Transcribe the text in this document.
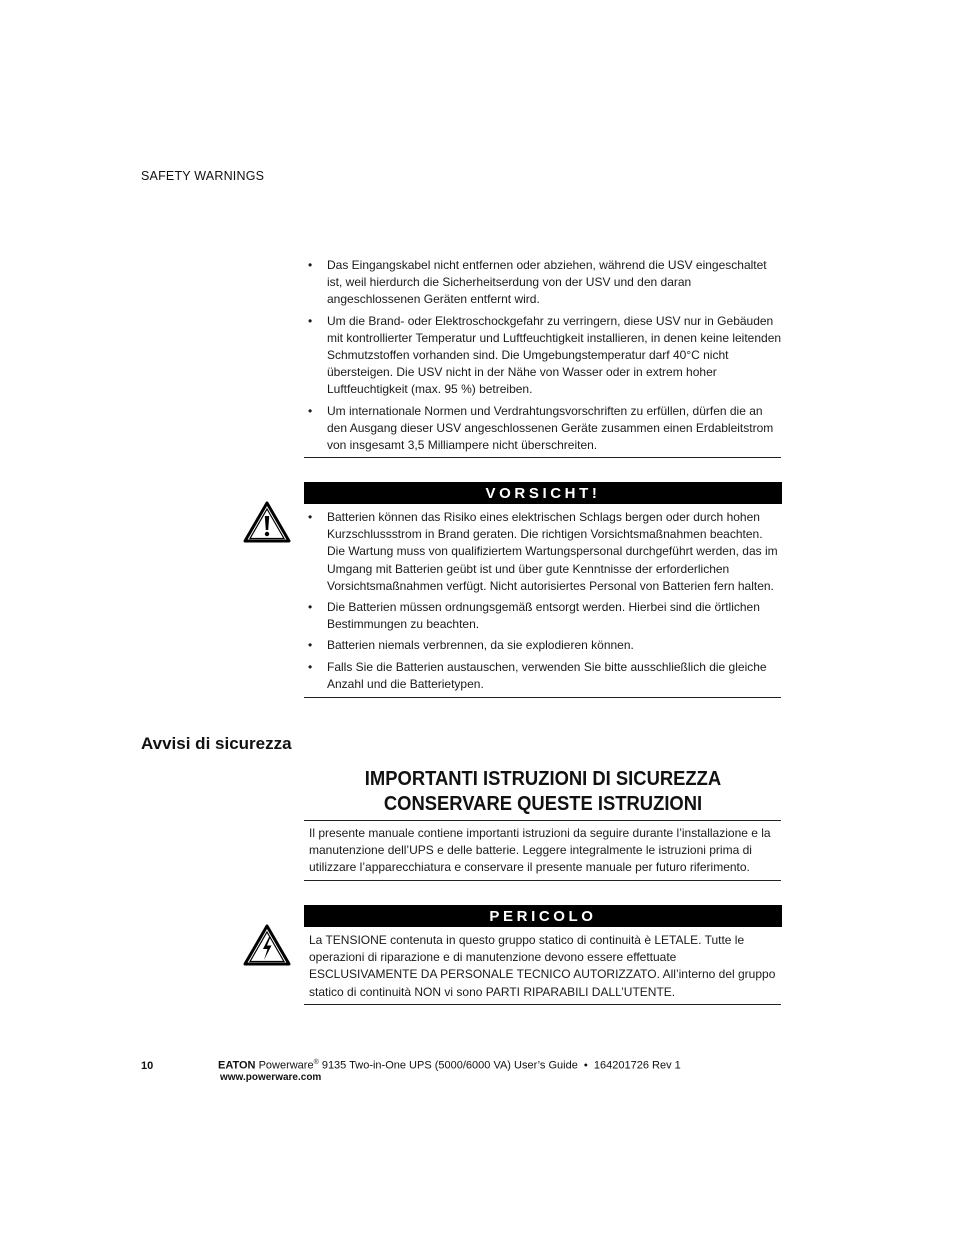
SAFETY WARNINGS
• Das Eingangskabel nicht entfernen oder abziehen, während die USV eingeschaltet ist, weil hierdurch die Sicherheitserdung von der USV und den daran angeschlossenen Geräten entfernt wird.
• Um die Brand- oder Elektroschockgefahr zu verringern, diese USV nur in Gebäuden mit kontrollierter Temperatur und Luftfeuchtigkeit installieren, in denen keine leitenden Schmutzstoffen vorhanden sind. Die Umgebungstemperatur darf 40°C nicht übersteigen. Die USV nicht in der Nähe von Wasser oder in extrem hoher Luftfeuchtigkeit (max. 95 %) betreiben.
• Um internationale Normen und Verdrahtungsvorschriften zu erfüllen, dürfen die an den Ausgang dieser USV angeschlossenen Geräte zusammen einen Erdableitstrom von insgesamt 3,5 Milliampere nicht überschreiten.
VORSICHT!
• Batterien können das Risiko eines elektrischen Schlags bergen oder durch hohen Kurzschlussstrom in Brand geraten. Die richtigen Vorsichtsmaßnahmen beachten. Die Wartung muss von qualifiziertem Wartungspersonal durchgeführt werden, das im Umgang mit Batterien geübt ist und über gute Kenntnisse der erforderlichen Vorsichtsmaßnahmen verfügt. Nicht autorisiertes Personal von Batterien fern halten.
• Die Batterien müssen ordnungsgemäß entsorgt werden. Hierbei sind die örtlichen Bestimmungen zu beachten.
• Batterien niemals verbrennen, da sie explodieren können.
• Falls Sie die Batterien austauschen, verwenden Sie bitte ausschließlich die gleiche Anzahl und die Batterietypen.
Avvisi di sicurezza
IMPORTANTI ISTRUZIONI DI SICUREZZA
CONSERVARE QUESTE ISTRUZIONI
Il presente manuale contiene importanti istruzioni da seguire durante l’installazione e la manutenzione dell’UPS e delle batterie. Leggere integralmente le istruzioni prima di utilizzare l’apparecchiatura e conservare il presente manuale per futuro riferimento.
PERICOLO
La TENSIONE contenuta in questo gruppo statico di continuità è LETALE. Tutte le operazioni di riparazione e di manutenzione devono essere effettuate ESCLUSIVAMENTE DA PERSONALE TECNICO AUTORIZZATO. All’interno del gruppo statico di continuità NON vi sono PARTI RIPARABILI DALL’UTENTE.
10	EATON Powerware® 9135 Two-in-One UPS (5000/6000 VA) User’s Guide  •  164201726 Rev 1
www.powerware.com
